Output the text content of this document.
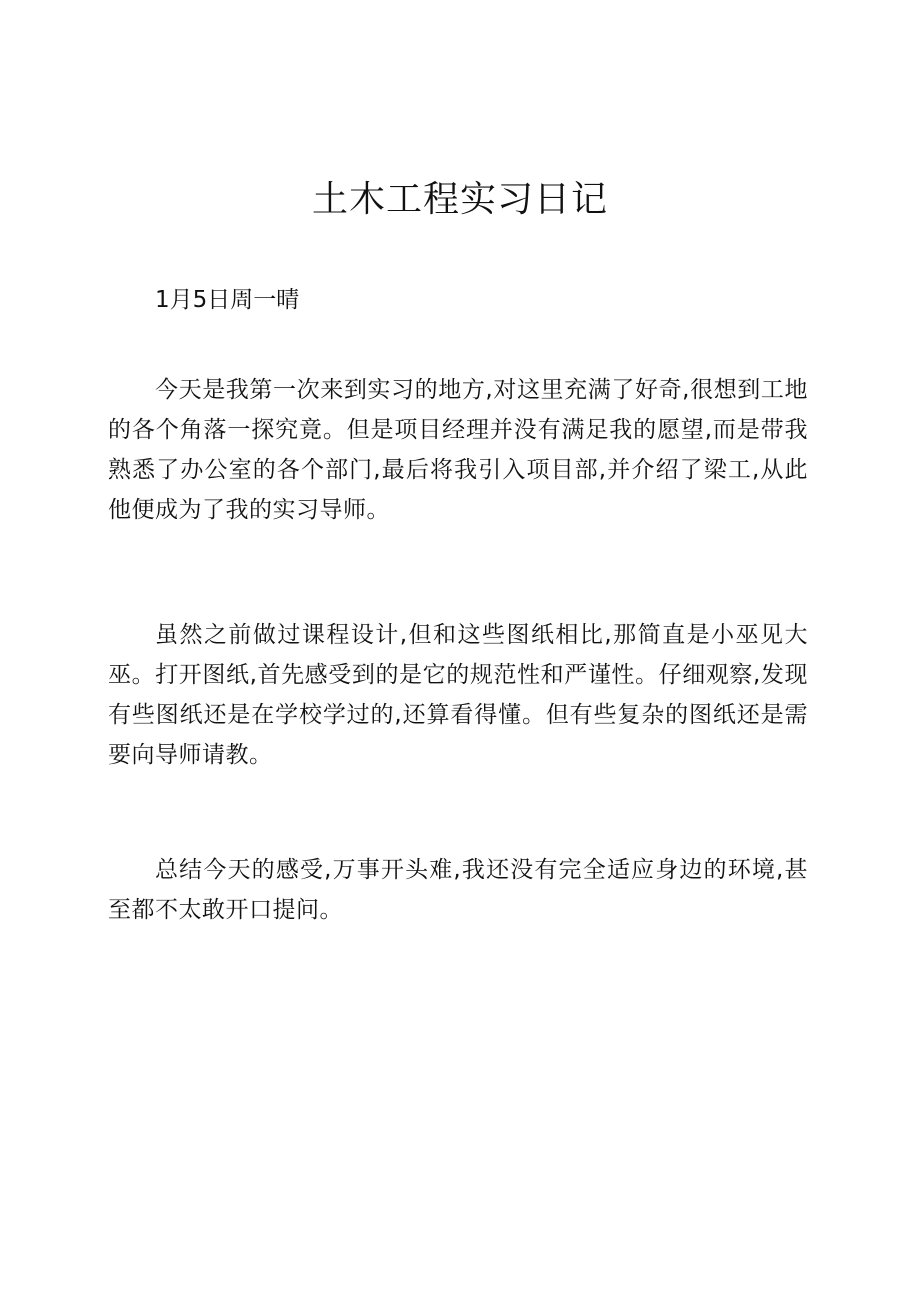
土木工程实习日记

1月5日周一晴

今天是我第一次来到实习的地方,对这里充满了好奇,很想到工地的各个角落一探究竟。但是项目经理并没有满足我的愿望,而是带我熟悉了办公室的各个部门,最后将我引入项目部,并介绍了梁工,从此他便成为了我的实习导师。

虽然之前做过课程设计,但和这些图纸相比,那简直是小巫见大巫。打开图纸,首先感受到的是它的规范性和严谨性。仔细观察,发现有些图纸还是在学校学过的,还算看得懂。但有些复杂的图纸还是需要向导师请教。

总结今天的感受,万事开头难,我还没有完全适应身边的环境,甚至都不太敢开口提问。
